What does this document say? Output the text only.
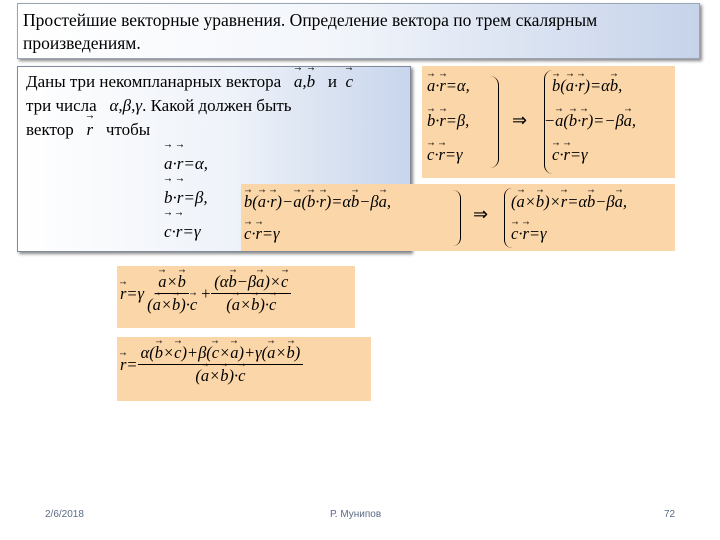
Простейшие векторные уравнения. Определение вектора по трем скалярным
произведениям.
Даны три некомпланарных вектора a →,b → и c →
три числа   α,β,γ. Какой должен быть
вектор r → чтобы
a →·r →=α,
b →·r →=β,
c →·r →=γ
a →·r →=α,
b →·r →=β,
c →·r →=γ
⇒
b →(a →·r →)=αb →,
−a →(b →·r →)=−βa →,
c →·r →=γ
b →(a →·r →)−a →(b →·r →)=αb →−βa →,
c →·r →=γ
⇒
(a →×b →)×r →=αb →−βa →,
c →·r →=γ
$r \to =\gamma \frac{a \to\times b \to}{(a \to\times b \to)\cdot c}$ → + $\frac{(\alpha b \to-\beta a \to)\times c \to}{(a \to\times b \to)\cdot c}$ →
r → = $\frac{\alpha(b \to\times c \to)+\beta(c \to\times a \to)+\gamma(a \to\times b \to)}{(a \to\times b \to)\cdot c}$ →
2/6/2018	Р. Мунипов	72
